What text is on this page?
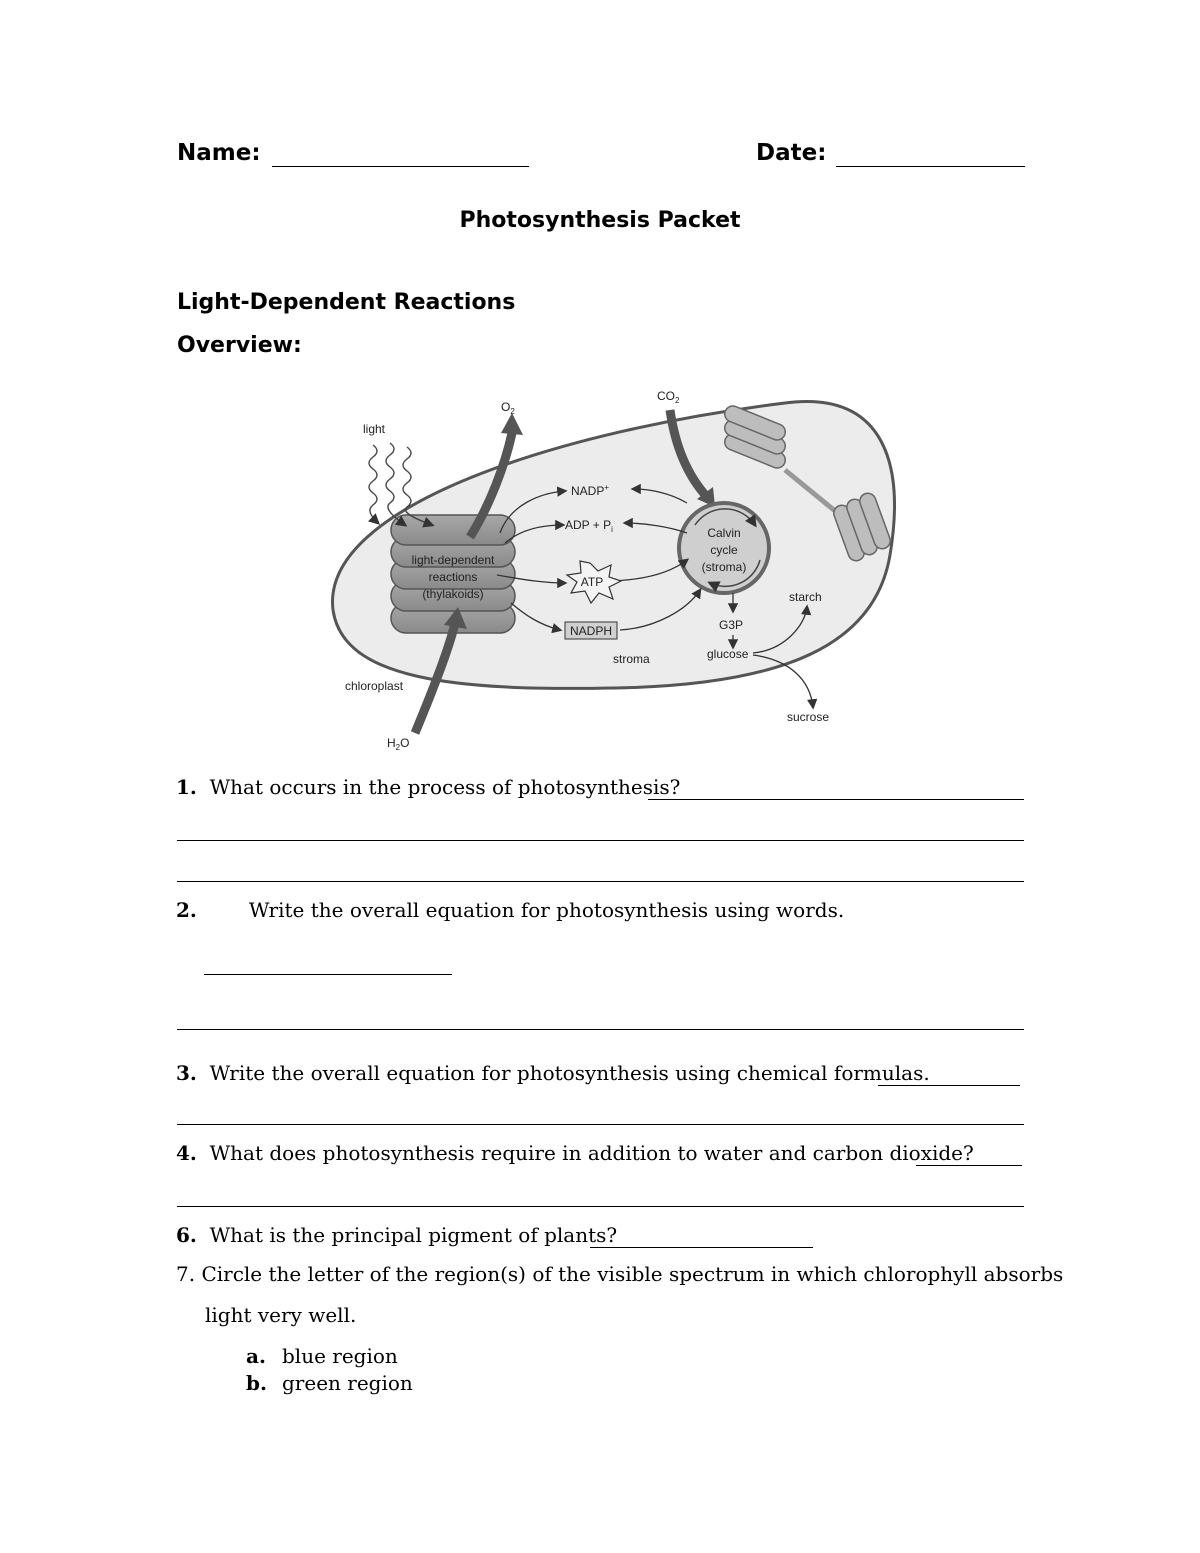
Name:	Date:
Photosynthesis Packet
Light-Dependent Reactions
Overview:
light
$O_2$
$CO_2$
NADP+
ADP + $P_i$
light-dependent
reactions
(thylakoids)
ATP
NADPH
Calvin
cycle
(stroma)
starch
G3P
glucose
stroma
chloroplast
sucrose
$H_2O$
1. What occurs in the process of photosynthesis?
2.	Write the overall equation for photosynthesis using words.
3. Write the overall equation for photosynthesis using chemical formulas.
4. What does photosynthesis require in addition to water and carbon dioxide?
6. What is the principal pigment of plants?
7. Circle the letter of the region(s) of the visible spectrum in which chlorophyll absorbs
light very well.
a. blue region
b. green region
